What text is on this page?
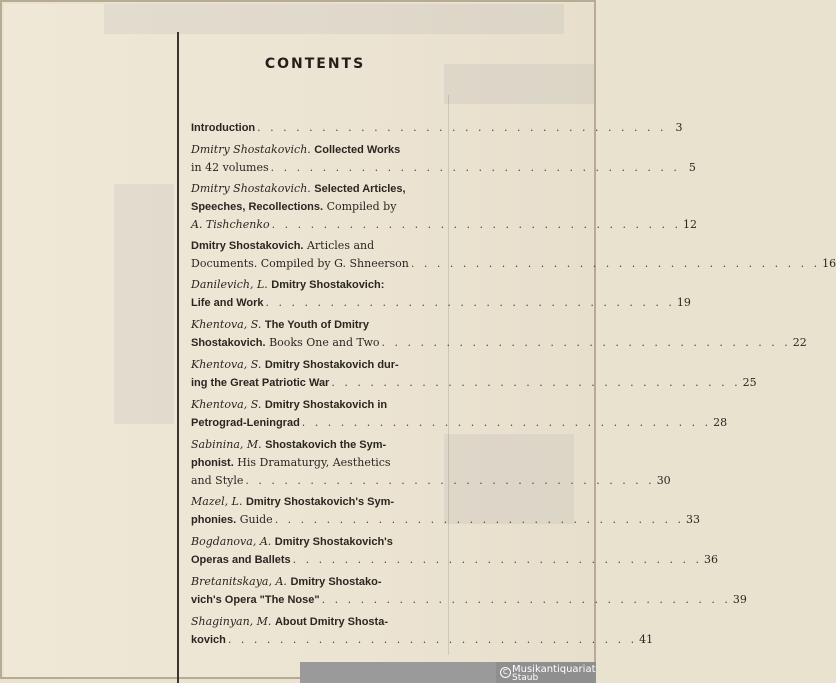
CONTENTS
Introduction . . . . . . . . . . . . . . . . . . . . . . . . . . . . . . . . 3
Dmitry Shostakovich. Collected Works
in 42 volumes . . . . . . . . . . . . . . . . . . . . . . . . . . . . . . . . 5
Dmitry Shostakovich. Selected Articles,
Speeches, Recollections. Compiled by
A. Tishchenko . . . . . . . . . . . . . . . . . . . . . . . . . . . . . . . . 12
Dmitry Shostakovich. Articles and
Documents. Compiled by G. Shneerson . . . . . . . . . . . . . . . . . . . . . . . . . . . . . . . . 16
Danilevich, L. Dmitry Shostakovich:
Life and Work . . . . . . . . . . . . . . . . . . . . . . . . . . . . . . . . 19
Khentova, S. The Youth of Dmitry
Shostakovich. Books One and Two . . . . . . . . . . . . . . . . . . . . . . . . . . . . . . . . 22
Khentova, S. Dmitry Shostakovich dur-
ing the Great Patriotic War . . . . . . . . . . . . . . . . . . . . . . . . . . . . . . . . 25
Khentova, S. Dmitry Shostakovich in
Petrograd-Leningrad . . . . . . . . . . . . . . . . . . . . . . . . . . . . . . . . 28
Sabinina, M. Shostakovich the Sym-
phonist. His Dramaturgy, Aesthetics
and Style . . . . . . . . . . . . . . . . . . . . . . . . . . . . . . . . 30
Mazel, L. Dmitry Shostakovich's Sym-
phonies. Guide . . . . . . . . . . . . . . . . . . . . . . . . . . . . . . . . 33
Bogdanova, A. Dmitry Shostakovich's
Operas and Ballets . . . . . . . . . . . . . . . . . . . . . . . . . . . . . . . . 36
Bretanitskaya, A. Dmitry Shostako-
vich's Opera "The Nose" . . . . . . . . . . . . . . . . . . . . . . . . . . . . . . . . 39
Shaginyan, M. About Dmitry Shosta-
kovich . . . . . . . . . . . . . . . . . . . . . . . . . . . . . . . . 41
C Musikantiquariat
Staub
